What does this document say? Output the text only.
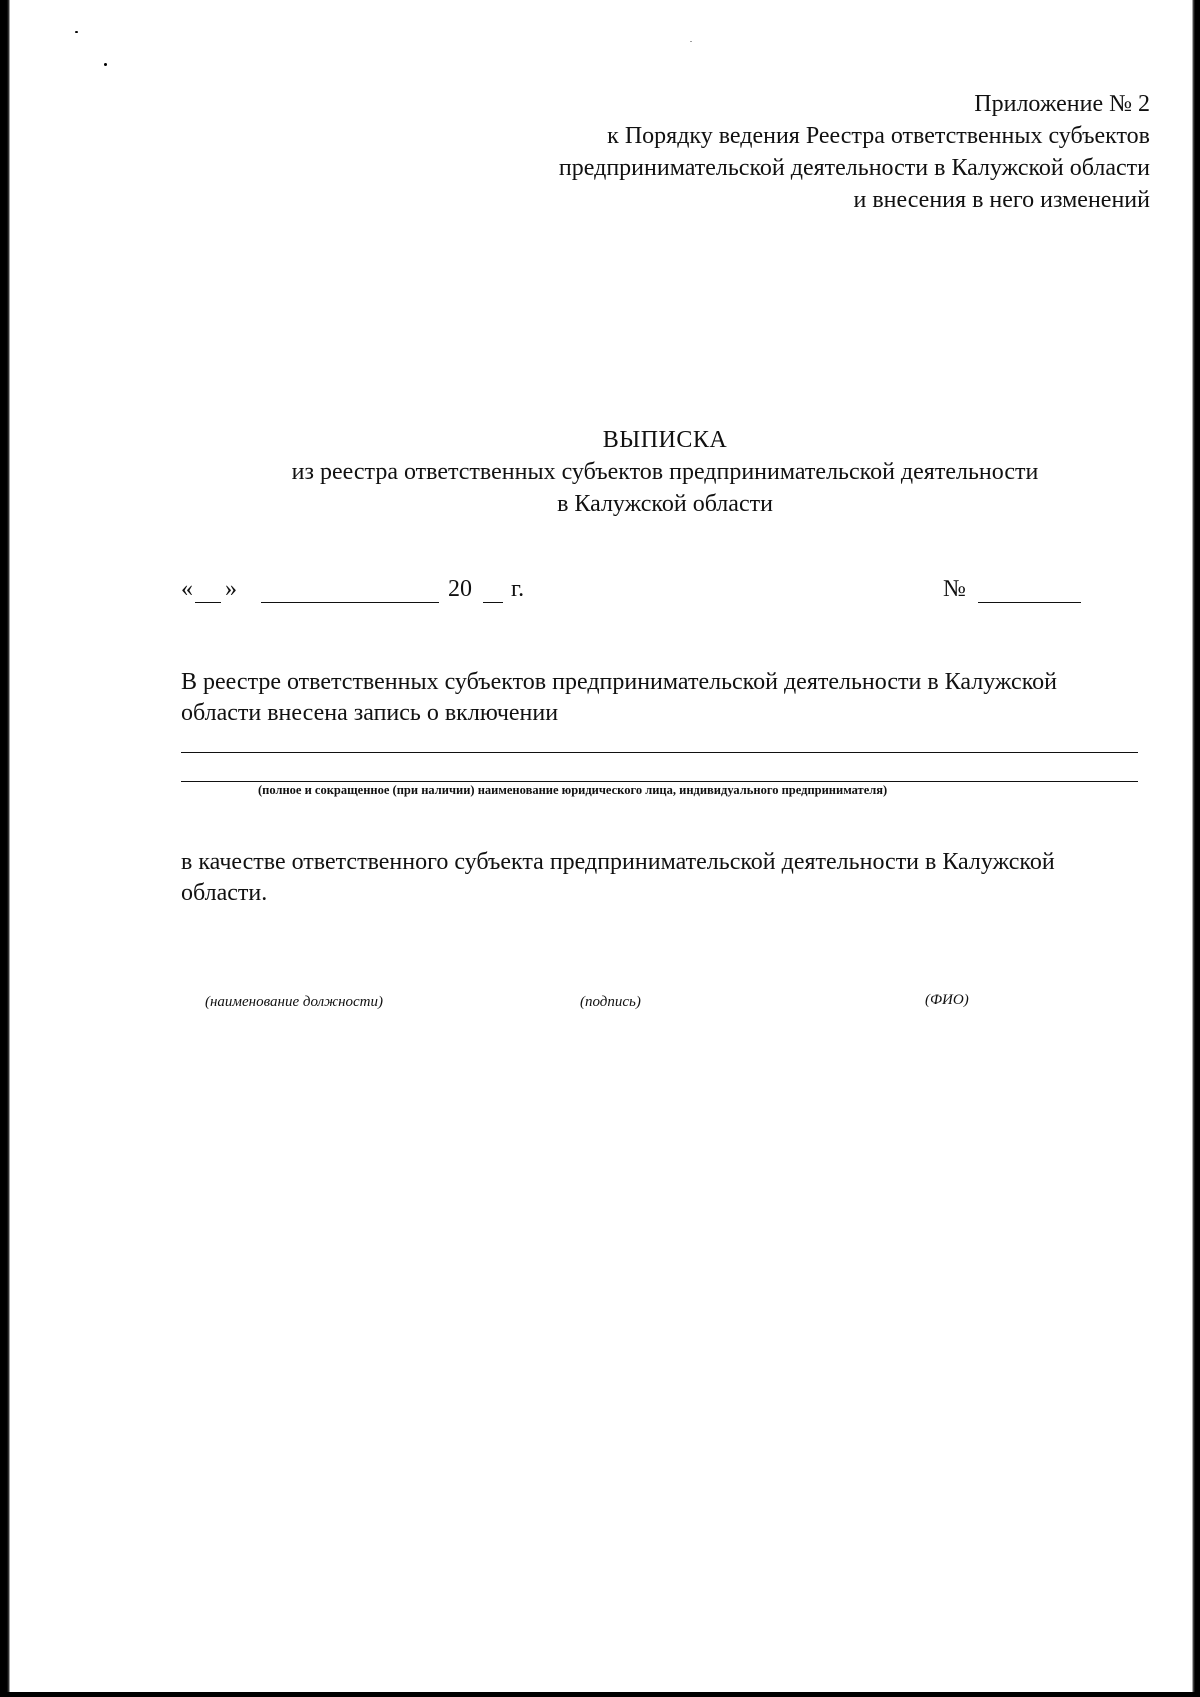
Приложение № 2
к Порядку ведения Реестра ответственных субъектов
предпринимательской деятельности в Калужской области
и внесения в него изменений
ВЫПИСКА
из реестра ответственных субъектов предпринимательской деятельности
в Калужской области
« »	20 г.	№
В реестре ответственных субъектов предпринимательской деятельности в Калужской
области внесена запись о включении
(полное и сокращенное (при наличии) наименование юридического лица, индивидуального предпринимателя)
в качестве ответственного субъекта предпринимательской деятельности в Калужской
области.
(наименование должности)	(подпись)	(ФИО)
